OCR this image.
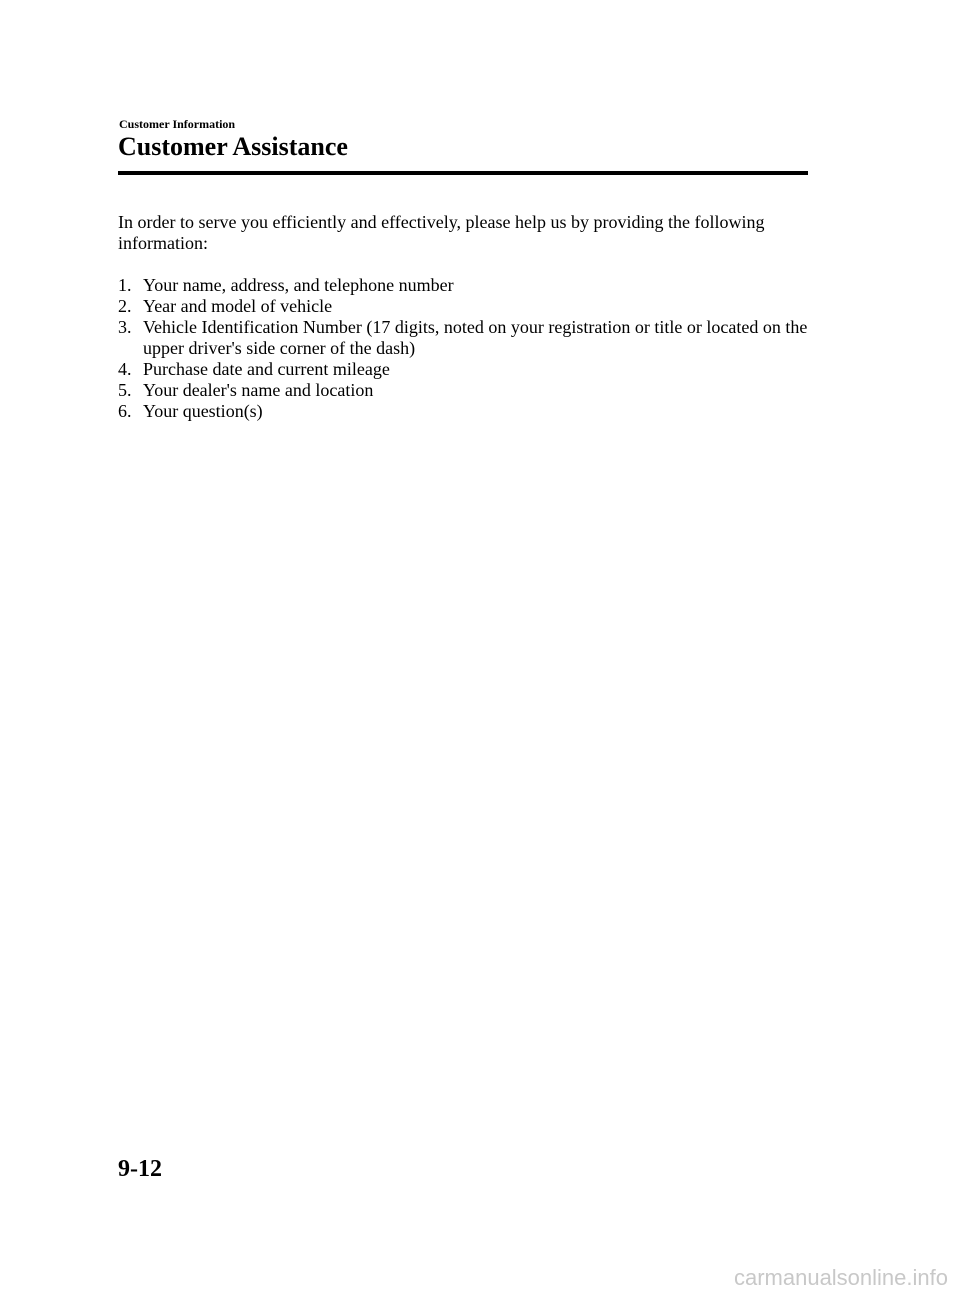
Customer Information
Customer Assistance

In order to serve you efficiently and effectively, please help us by providing the following information:

1. Your name, address, and telephone number
2. Year and model of vehicle
3. Vehicle Identification Number (17 digits, noted on your registration or title or located on the upper driver's side corner of the dash)
4. Purchase date and current mileage
5. Your dealer's name and location
6. Your question(s)
9-12
carmanualsonline.info
